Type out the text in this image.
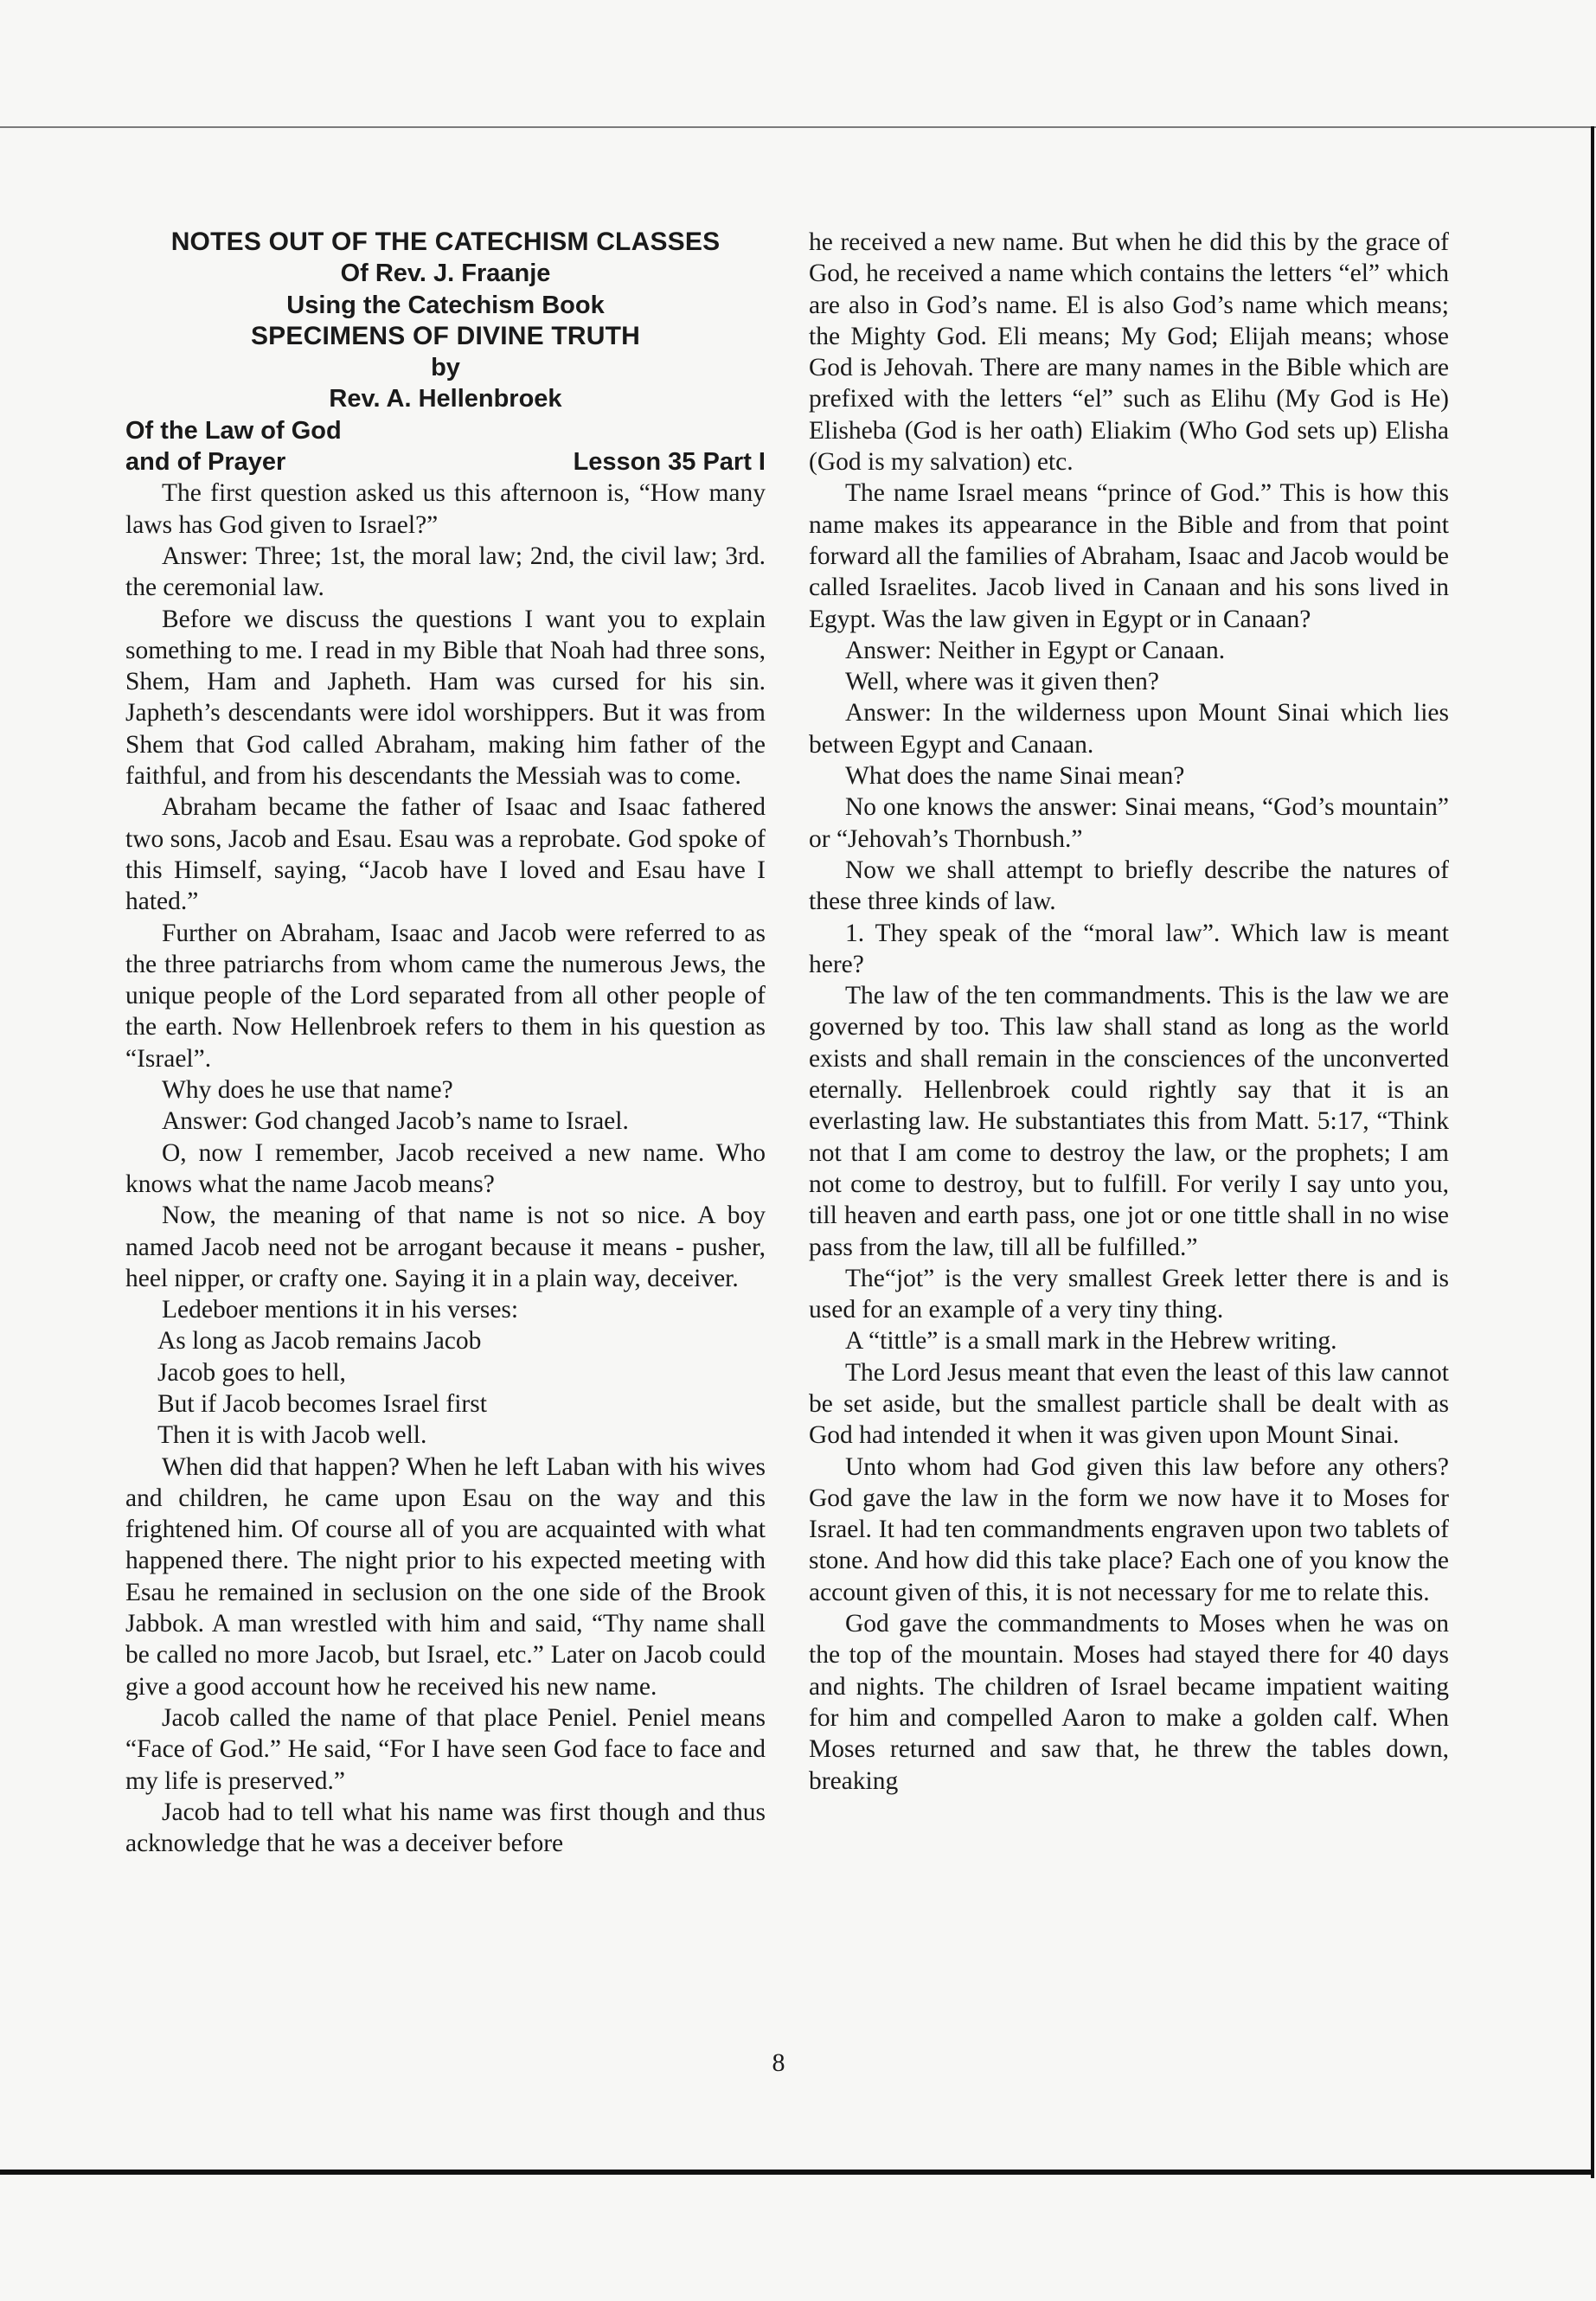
NOTES OUT OF THE CATECHISM CLASSES
Of Rev. J. Fraanje
Using the Catechism Book
SPECIMENS OF DIVINE TRUTH
by
Rev. A. Hellenbroek
Of the Law of God
and of Prayer	Lesson 35 Part I

The first question asked us this afternoon is, “How many laws has God given to Israel?”

Answer: Three; 1st, the moral law; 2nd, the civil law; 3rd. the ceremonial law.

Before we discuss the questions I want you to explain something to me. I read in my Bible that Noah had three sons, Shem, Ham and Japheth. Ham was cursed for his sin. Japheth’s descendants were idol worshippers. But it was from Shem that God called Abraham, making him father of the faithful, and from his descendants the Messiah was to come.

Abraham became the father of Isaac and Isaac fathered two sons, Jacob and Esau. Esau was a reprobate. God spoke of this Himself, saying, “Jacob have I loved and Esau have I hated.”

Further on Abraham, Isaac and Jacob were referred to as the three patriarchs from whom came the numerous Jews, the unique people of the Lord separated from all other people of the earth. Now Hellenbroek refers to them in his question as “Israel”.

Why does he use that name?

Answer: God changed Jacob’s name to Israel.

O, now I remember, Jacob received a new name. Who knows what the name Jacob means?

Now, the meaning of that name is not so nice. A boy named Jacob need not be arrogant because it means - pusher, heel nipper, or crafty one. Saying it in a plain way, deceiver.

Ledeboer mentions it in his verses:

As long as Jacob remains Jacob

Jacob goes to hell,

But if Jacob becomes Israel first

Then it is with Jacob well.

When did that happen? When he left Laban with his wives and children, he came upon Esau on the way and this frightened him. Of course all of you are acquainted with what happened there. The night prior to his expected meeting with Esau he remained in seclusion on the one side of the Brook Jabbok. A man wrestled with him and said, “Thy name shall be called no more Jacob, but Israel, etc.” Later on Jacob could give a good account how he received his new name.

Jacob called the name of that place Peniel. Peniel means “Face of God.” He said, “For I have seen God face to face and my life is preserved.”

Jacob had to tell what his name was first though and thus acknowledge that he was a deceiver before

he received a new name. But when he did this by the grace of God, he received a name which contains the letters “el” which are also in God’s name. El is also God’s name which means; the Mighty God. Eli means; My God; Elijah means; whose God is Jehovah. There are many names in the Bible which are prefixed with the letters “el” such as Elihu (My God is He) Elisheba (God is her oath) Eliakim (Who God sets up) Elisha (God is my salvation) etc.

The name Israel means “prince of God.” This is how this name makes its appearance in the Bible and from that point forward all the families of Abraham, Isaac and Jacob would be called Israelites. Jacob lived in Canaan and his sons lived in Egypt. Was the law given in Egypt or in Canaan?

Answer: Neither in Egypt or Canaan.

Well, where was it given then?

Answer: In the wilderness upon Mount Sinai which lies between Egypt and Canaan.

What does the name Sinai mean?

No one knows the answer: Sinai means, “God’s mountain” or “Jehovah’s Thornbush.”

Now we shall attempt to briefly describe the natures of these three kinds of law.

1. They speak of the “moral law”. Which law is meant here?

The law of the ten commandments. This is the law we are governed by too. This law shall stand as long as the world exists and shall remain in the consciences of the unconverted eternally. Hellenbroek could rightly say that it is an everlasting law. He substantiates this from Matt. 5:17, “Think not that I am come to destroy the law, or the prophets; I am not come to destroy, but to fulfill. For verily I say unto you, till heaven and earth pass, one jot or one tittle shall in no wise pass from the law, till all be fulfilled.”

The“jot” is the very smallest Greek letter there is and is used for an example of a very tiny thing.

A “tittle” is a small mark in the Hebrew writing.

The Lord Jesus meant that even the least of this law cannot be set aside, but the smallest particle shall be dealt with as God had intended it when it was given upon Mount Sinai.

Unto whom had God given this law before any others? God gave the law in the form we now have it to Moses for Israel. It had ten commandments engraven upon two tablets of stone. And how did this take place? Each one of you know the account given of this, it is not necessary for me to relate this.

God gave the commandments to Moses when he was on the top of the mountain. Moses had stayed there for 40 days and nights. The children of Israel became impatient waiting for him and compelled Aaron to make a golden calf. When Moses returned and saw that, he threw the tables down, breaking

8
